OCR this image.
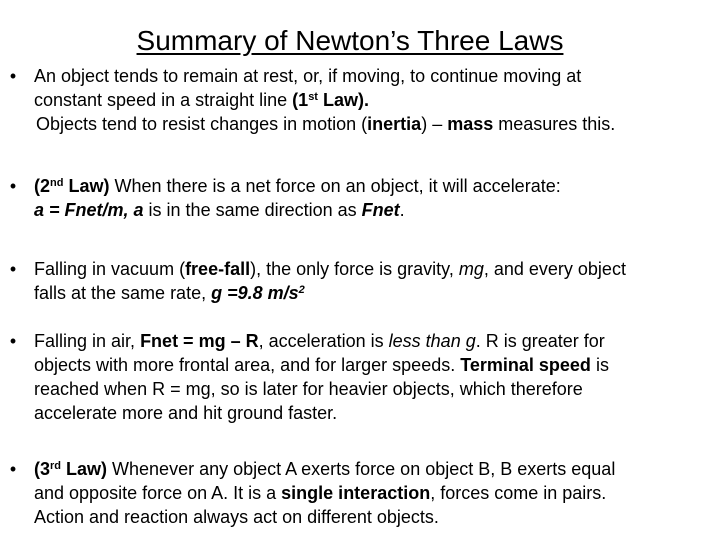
Summary of Newton’s Three Laws
• An object tends to remain at rest, or, if moving, to continue moving at
constant speed in a straight line (1st Law).
Objects tend to resist changes in motion (inertia) – mass measures this.
• (2nd Law) When there is a net force on an object, it will accelerate:
a = Fnet/m, a is in the same direction as Fnet.
• Falling in vacuum (free-fall), the only force is gravity, mg, and every object
falls at the same rate, g =9.8 $m/s^2$
• Falling in air, Fnet = mg – R, acceleration is less than g. R is greater for
objects with more frontal area, and for larger speeds. Terminal speed is
reached when R = mg, so is later for heavier objects, which therefore
accelerate more and hit ground faster.
• (3rd Law) Whenever any object A exerts force on object B, B exerts equal
and opposite force on A. It is a single interaction, forces come in pairs.
Action and reaction always act on different objects.
